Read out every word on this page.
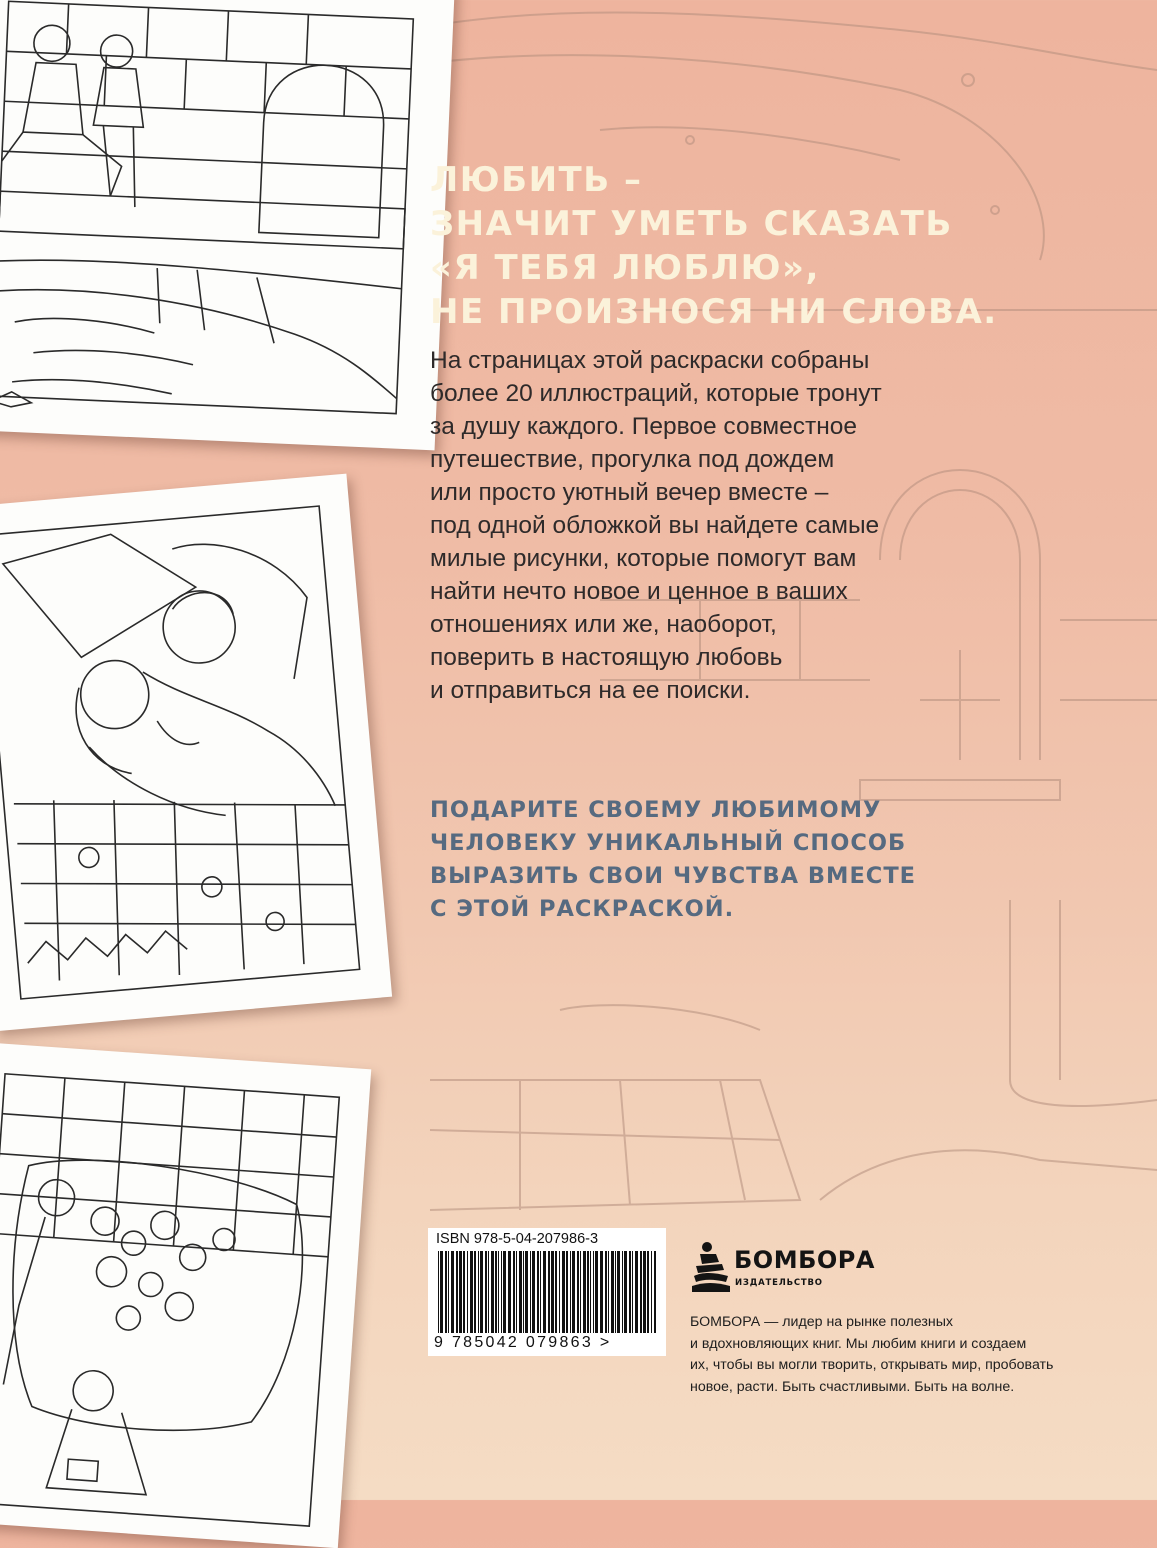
ЛЮБИТЬ –
ЗНАЧИТ УМЕТЬ СКАЗАТЬ
«Я ТЕБЯ ЛЮБЛЮ»,
НЕ ПРОИЗНОСЯ НИ СЛОВА.

На страницах этой раскраски собраны
более 20 иллюстраций, которые тронут
за душу каждого. Первое совместное
путешествие, прогулка под дождем
или просто уютный вечер вместе –
под одной обложкой вы найдете самые
милые рисунки, которые помогут вам
найти нечто новое и ценное в ваших
отношениях или же, наоборот,
поверить в настоящую любовь
и отправиться на ее поиски.

ПОДАРИТЕ СВОЕМУ ЛЮБИМОМУ
ЧЕЛОВЕКУ УНИКАЛЬНЫЙ СПОСОБ
ВЫРАЗИТЬ СВОИ ЧУВСТВА ВМЕСТЕ
С ЭТОЙ РАСКРАСКОЙ.

ISBN 978-5-04-207986-3
9 785042 079863 >
БОМБОРА
ИЗДАТЕЛЬСТВО

БОМБОРА — лидер на рынке полезных
и вдохновляющих книг. Мы любим книги и создаем
их, чтобы вы могли творить, открывать мир, пробовать
новое, расти. Быть счастливыми. Быть на волне.
